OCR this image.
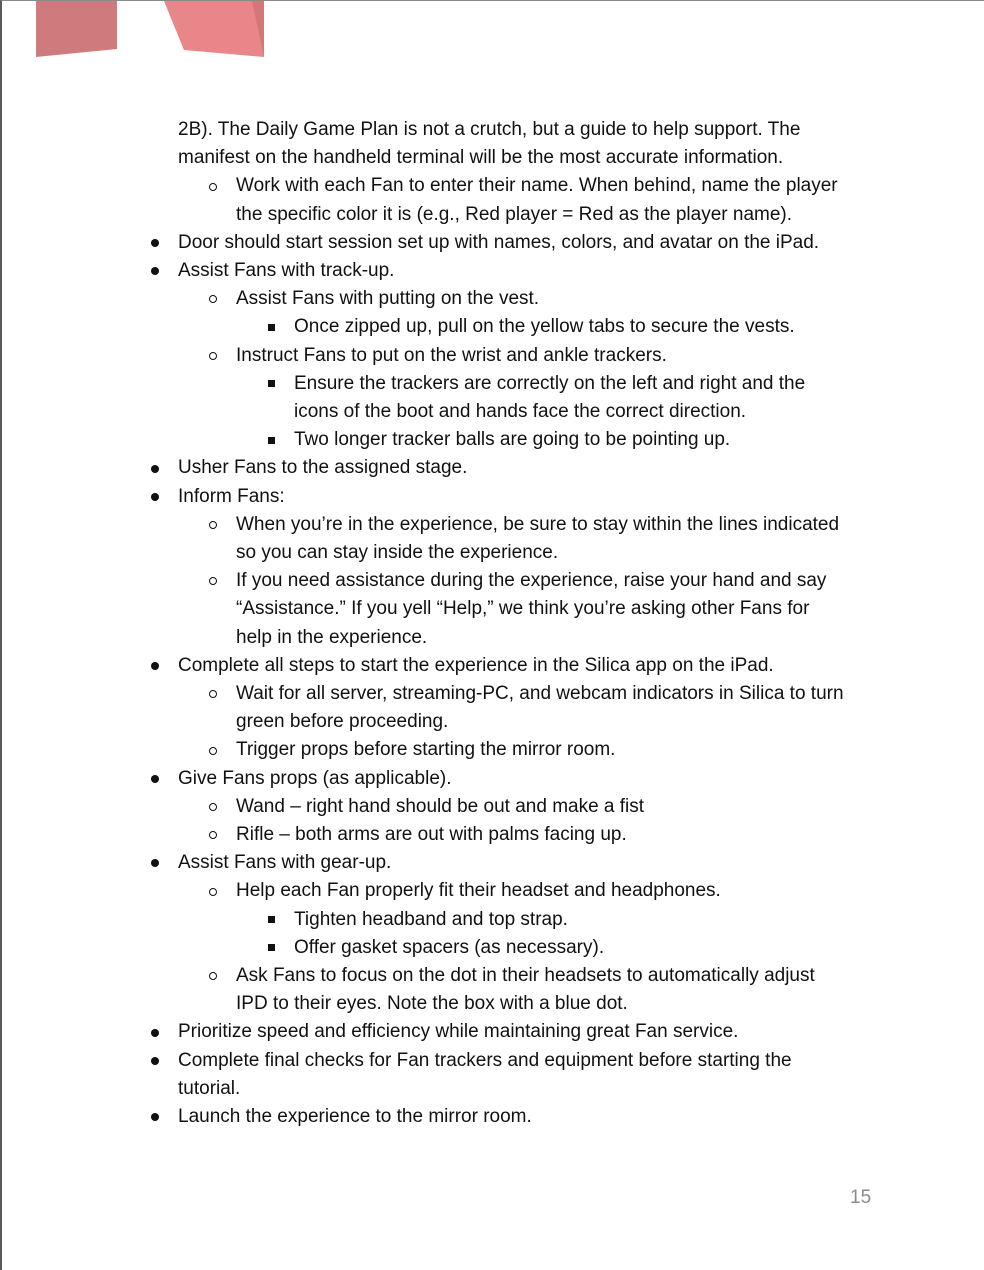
2B). The Daily Game Plan is not a crutch, but a guide to help support. The
manifest on the handheld terminal will be the most accurate information.
Work with each Fan to enter their name. When behind, name the player
the specific color it is (e.g., Red player = Red as the player name).
Door should start session set up with names, colors, and avatar on the iPad.
Assist Fans with track-up.
Assist Fans with putting on the vest.
Once zipped up, pull on the yellow tabs to secure the vests.
Instruct Fans to put on the wrist and ankle trackers.
Ensure the trackers are correctly on the left and right and the
icons of the boot and hands face the correct direction.
Two longer tracker balls are going to be pointing up.
Usher Fans to the assigned stage.
Inform Fans:
When you’re in the experience, be sure to stay within the lines indicated
so you can stay inside the experience.
If you need assistance during the experience, raise your hand and say
“Assistance.” If you yell “Help,” we think you’re asking other Fans for
help in the experience.
Complete all steps to start the experience in the Silica app on the iPad.
Wait for all server, streaming-PC, and webcam indicators in Silica to turn
green before proceeding.
Trigger props before starting the mirror room.
Give Fans props (as applicable).
Wand – right hand should be out and make a fist
Rifle – both arms are out with palms facing up.
Assist Fans with gear-up.
Help each Fan properly fit their headset and headphones.
Tighten headband and top strap.
Offer gasket spacers (as necessary).
Ask Fans to focus on the dot in their headsets to automatically adjust
IPD to their eyes. Note the box with a blue dot.
Prioritize speed and efficiency while maintaining great Fan service.
Complete final checks for Fan trackers and equipment before starting the
tutorial.
Launch the experience to the mirror room.
15
